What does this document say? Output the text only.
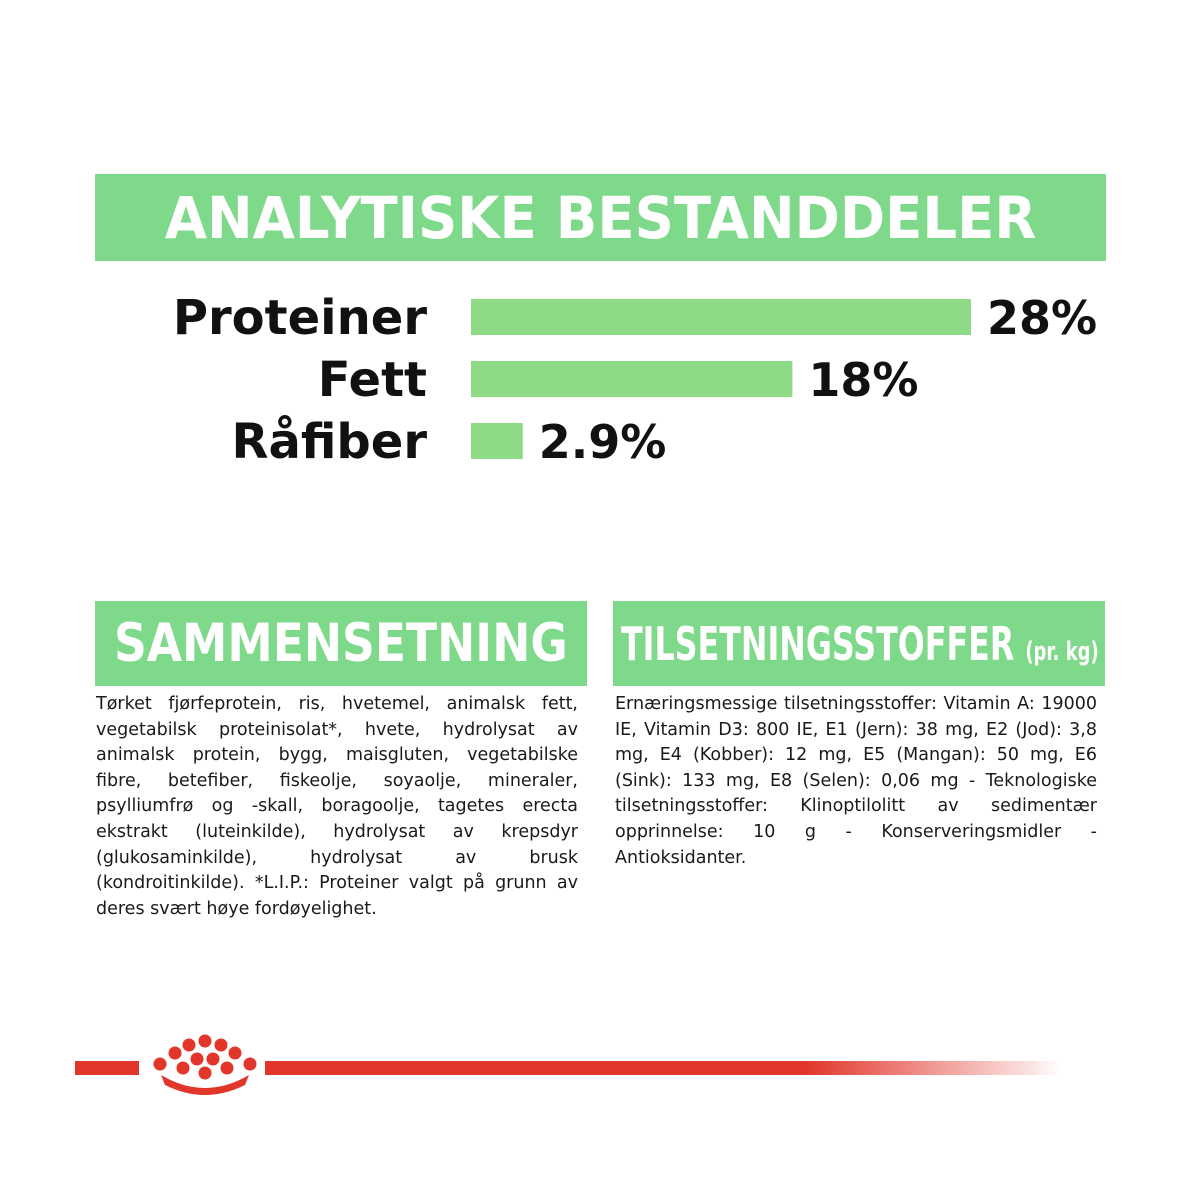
ANALYTISKE BESTANDDELER
Proteiner	28%
Fett	18%
Råfiber 2.9%
SAMMENSETNING

Tørket fjørfeprotein, ris, hvetemel, animalsk fett, vegetabilsk proteinisolat*, hvete, hydrolysat av animalsk protein, bygg, maisgluten, vegetabilske fibre, betefiber, fiskeolje, soyaolje, mineraler, psylliumfrø og -skall, boragoolje, tagetes erecta ekstrakt (luteinkilde), hydrolysat av krepsdyr (glukosaminkilde), hydrolysat av brusk (kondroitinkilde). *L.I.P.: Proteiner valgt på grunn av deres svært høye fordøyelighet.

TILSETNINGSSTOFFER (pr. kg)

Ernæringsmessige tilsetningsstoffer: Vitamin A: 19000 IE, Vitamin D3: 800 IE, E1 (Jern): 38 mg, E2 (Jod): 3,8 mg, E4 (Kobber): 12 mg, E5 (Mangan): 50 mg, E6 (Sink): 133 mg, E8 (Selen): 0,06 mg - Teknologiske tilsetningsstoffer: Klinoptilolitt av sedimentær opprinnelse: 10 g - Konserveringsmidler - Antioksidanter.
